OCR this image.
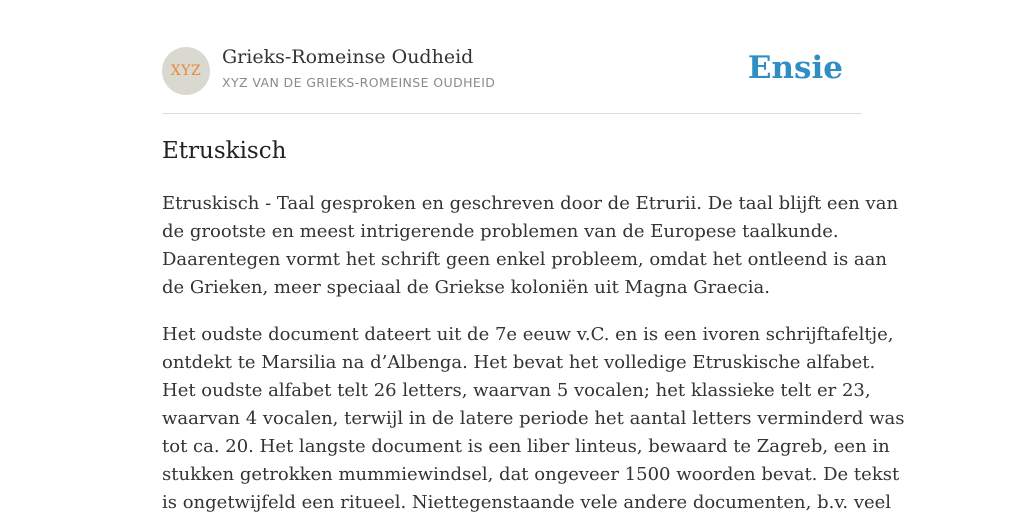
XYZ
Grieks-Romeinse Oudheid
XYZ VAN DE GRIEKS-ROMEINSE OUDHEID	Ensie
Etruskisch

Etruskisch - Taal gesproken en geschreven door de Etrurii. De taal blijft een van
de grootste en meest intrigerende problemen van de Europese taalkunde.
Daarentegen vormt het schrift geen enkel probleem, omdat het ontleend is aan
de Grieken, meer speciaal de Griekse koloniën uit Magna Graecia.

Het oudste document dateert uit de 7e eeuw v.C. en is een ivoren schrijftafeltje,
ontdekt te Marsilia na d’Albenga. Het bevat het volledige Etruskische alfabet.
Het oudste alfabet telt 26 letters, waarvan 5 vocalen; het klassieke telt er 23,
waarvan 4 vocalen, terwijl in de latere periode het aantal letters verminderd was
tot ca. 20. Het langste document is een liber linteus, bewaard te Zagreb, een in
stukken getrokken mummiewindsel, dat ongeveer 1500 woorden bevat. De tekst
is ongetwijfeld een ritueel. Niettegenstaande vele andere documenten, b.v. veel
